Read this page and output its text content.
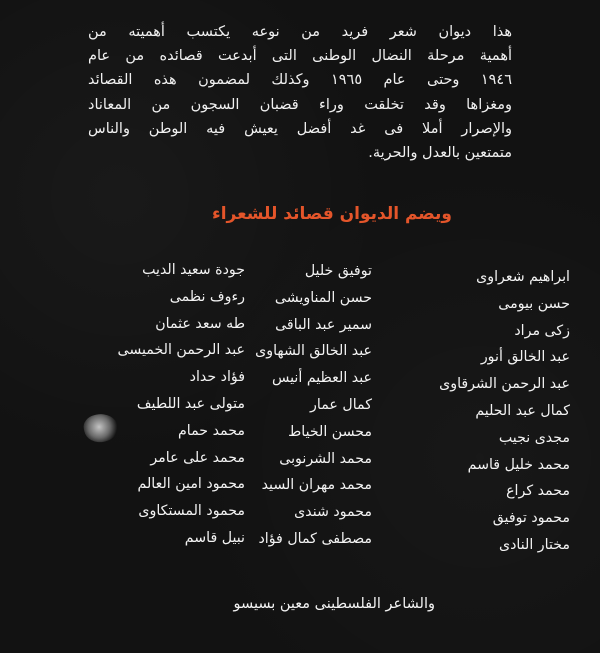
هذا ديوان شعر فريد من نوعه يكتسب أهميته من
أهمية مرحلة النضال الوطنى التى أبدعت قصائده من عام
١٩٤٦ وحتى عام ١٩٦٥ وكذلك لمضمون هذه القصائد
ومغزاها وقد تخلقت وراء قضبان السجون من المعاناد
والإصرار أملا فى غد أفضل يعيش فيه الوطن والناس
متمتعين بالعدل والحرية.
ويضم الديوان قصائد للشعراء
ابراهيم شعراوى
حسن بيومى
زكى مراد
عبد الخالق أنور
عبد الرحمن الشرقاوى
كمال عبد الحليم
مجدى نجيب
محمد خليل قاسم
محمد كراع
محمود توفيق
مختار النادى
توفيق خليل
حسن المناويشى
سمير عبد الباقى
عبد الخالق الشهاوى
عبد العظيم أنيس
كمال عمار
محسن الخياط
محمد الشرنوبى
محمد مهران السيد
محمود شندى
مصطفى كمال فؤاد
جودة سعيد الديب
رءوف نظمى
طه سعد عثمان
عبد الرحمن الخميسى
فؤاد حداد
متولى عبد اللطيف
محمد حمام
محمد على عامر
محمود امين العالم
محمود المستكاوى
نبيل قاسم
والشاعر الفلسطينى معين بسيسو
